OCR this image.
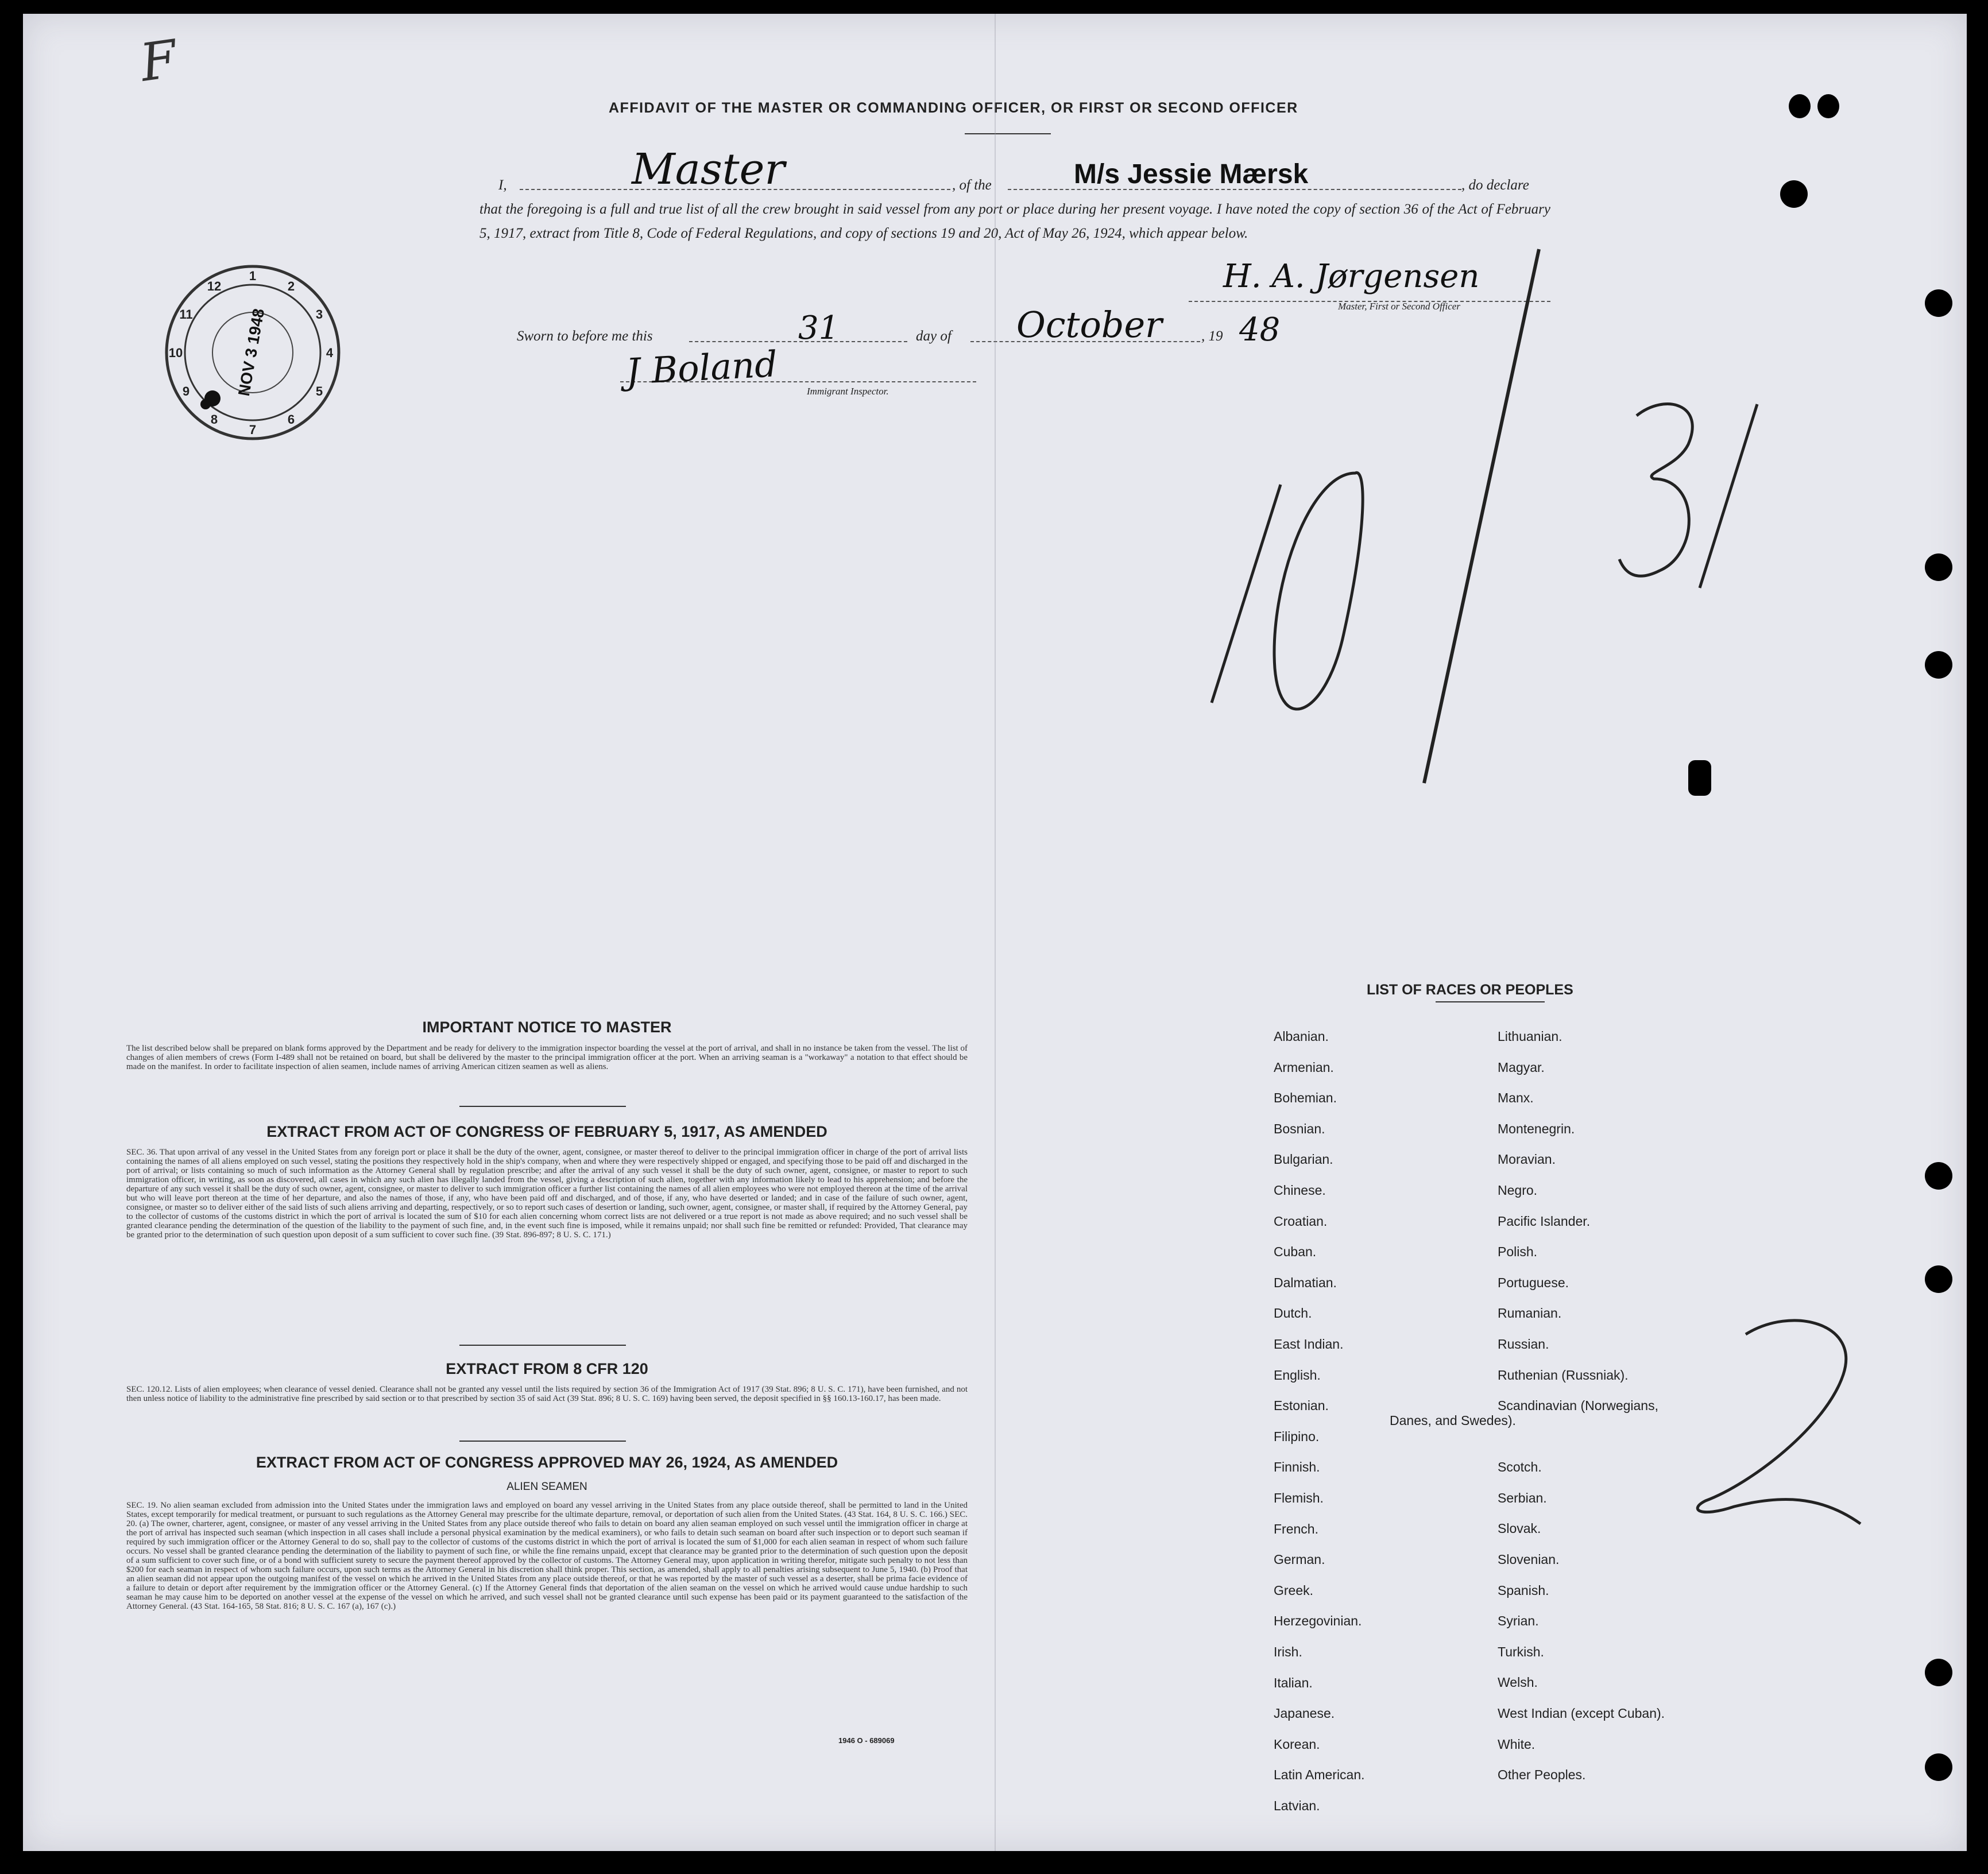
F
AFFIDAVIT OF THE MASTER OR COMMANDING OFFICER, OR FIRST OR SECOND OFFICER
I,	Master	, of the	M/s Jessie Mærsk	, do declare
that the foregoing is a full and true list of all the crew brought in said vessel from any port or place during her present voyage. I have noted the copy of section 36 of the Act of February 5, 1917, extract from Title 8, Code of Federal Regulations, and copy of sections 19 and 20, Act of May 26, 1924, which appear below.
H. A. Jørgensen
Master, First or Second Officer
Sworn to before me this	31	day of October	, 19 48
J Boland	Immigrant Inspector.
1
2
3
4
5
6
7
8
9
10
11
12
NOV 3 1948
IMPORTANT NOTICE TO MASTER
The list described below shall be prepared on blank forms approved by the Department and be ready for delivery to the immigration inspector boarding the vessel at the port of arrival, and shall in no instance be taken from the vessel. The list of changes of alien members of crews (Form I-489 shall not be retained on board, but shall be delivered by the master to the principal immigration officer at the port. When an arriving seaman is a "workaway" a notation to that effect should be made on the manifest. In order to facilitate inspection of alien seamen, include names of arriving American citizen seamen as well as aliens.
EXTRACT FROM ACT OF CONGRESS OF FEBRUARY 5, 1917, AS AMENDED
SEC. 36. That upon arrival of any vessel in the United States from any foreign port or place it shall be the duty of the owner, agent, consignee, or master thereof to deliver to the principal immigration officer in charge of the port of arrival lists containing the names of all aliens employed on such vessel, stating the positions they respectively hold in the ship's company, when and where they were respectively shipped or engaged, and specifying those to be paid off and discharged in the port of arrival; or lists containing so much of such information as the Attorney General shall by regulation prescribe; and after the arrival of any such vessel it shall be the duty of such owner, agent, consignee, or master to report to such immigration officer, in writing, as soon as discovered, all cases in which any such alien has illegally landed from the vessel, giving a description of such alien, together with any information likely to lead to his apprehension; and before the departure of any such vessel it shall be the duty of such owner, agent, consignee, or master to deliver to such immigration officer a further list containing the names of all alien employees who were not employed thereon at the time of the arrival but who will leave port thereon at the time of her departure, and also the names of those, if any, who have been paid off and discharged, and of those, if any, who have deserted or landed; and in case of the failure of such owner, agent, consignee, or master so to deliver either of the said lists of such aliens arriving and departing, respectively, or so to report such cases of desertion or landing, such owner, agent, consignee, or master shall, if required by the Attorney General, pay to the collector of customs of the customs district in which the port of arrival is located the sum of $10 for each alien concerning whom correct lists are not delivered or a true report is not made as above required; and no such vessel shall be granted clearance pending the determination of the question of the liability to the payment of such fine, and, in the event such fine is imposed, while it remains unpaid; nor shall such fine be remitted or refunded: Provided, That clearance may be granted prior to the determination of such question upon deposit of a sum sufficient to cover such fine. (39 Stat. 896-897; 8 U. S. C. 171.)
EXTRACT FROM 8 CFR 120
SEC. 120.12. Lists of alien employees; when clearance of vessel denied. Clearance shall not be granted any vessel until the lists required by section 36 of the Immigration Act of 1917 (39 Stat. 896; 8 U. S. C. 171), have been furnished, and not then unless notice of liability to the administrative fine prescribed by said section or to that prescribed by section 35 of said Act (39 Stat. 896; 8 U. S. C. 169) having been served, the deposit specified in §§ 160.13-160.17, has been made.
EXTRACT FROM ACT OF CONGRESS APPROVED MAY 26, 1924, AS AMENDED
ALIEN SEAMEN
SEC. 19. No alien seaman excluded from admission into the United States under the immigration laws and employed on board any vessel arriving in the United States from any place outside thereof, shall be permitted to land in the United States, except temporarily for medical treatment, or pursuant to such regulations as the Attorney General may prescribe for the ultimate departure, removal, or deportation of such alien from the United States. (43 Stat. 164, 8 U. S. C. 166.) SEC. 20. (a) The owner, charterer, agent, consignee, or master of any vessel arriving in the United States from any place outside thereof who fails to detain on board any alien seaman employed on such vessel until the immigration officer in charge at the port of arrival has inspected such seaman (which inspection in all cases shall include a personal physical examination by the medical examiners), or who fails to detain such seaman on board after such inspection or to deport such seaman if required by such immigration officer or the Attorney General to do so, shall pay to the collector of customs of the customs district in which the port of arrival is located the sum of $1,000 for each alien seaman in respect of whom such failure occurs. No vessel shall be granted clearance pending the determination of the liability to payment of such fine, or while the fine remains unpaid, except that clearance may be granted prior to the determination of such question upon the deposit of a sum sufficient to cover such fine, or of a bond with sufficient surety to secure the payment thereof approved by the collector of customs. The Attorney General may, upon application in writing therefor, mitigate such penalty to not less than $200 for each seaman in respect of whom such failure occurs, upon such terms as the Attorney General in his discretion shall think proper. This section, as amended, shall apply to all penalties arising subsequent to June 5, 1940. (b) Proof that an alien seaman did not appear upon the outgoing manifest of the vessel on which he arrived in the United States from any place outside thereof, or that he was reported by the master of such vessel as a deserter, shall be prima facie evidence of a failure to detain or deport after requirement by the immigration officer or the Attorney General. (c) If the Attorney General finds that deportation of the alien seaman on the vessel on which he arrived would cause undue hardship to such seaman he may cause him to be deported on another vessel at the expense of the vessel on which he arrived, and such vessel shall not be granted clearance until such expense has been paid or its payment guaranteed to the satisfaction of the Attorney General. (43 Stat. 164-165, 58 Stat. 816; 8 U. S. C. 167 (a), 167 (c).)
1946 O - 689069
LIST OF RACES OR PEOPLES
Albanian.
Armenian.
Bohemian.
Bosnian.
Bulgarian.
Chinese.
Croatian.
Cuban.
Dalmatian.
Dutch.
East Indian.
English.
Estonian.
Filipino.
Finnish.
Flemish.
French.
German.
Greek.
Herzegovinian.
Irish.
Italian.
Japanese.
Korean.
Latin American.
Latvian.
Lithuanian.
Magyar.
Manx.
Montenegrin.
Moravian.
Negro.
Pacific Islander.
Polish.
Portuguese.
Rumanian.
Russian.
Ruthenian (Russniak).
Scandinavian (Norwegians,
Danes, and Swedes).
Scotch.
Serbian.
Slovak.
Slovenian.
Spanish.
Syrian.
Turkish.
Welsh.
West Indian (except Cuban).
White.
Other Peoples.
